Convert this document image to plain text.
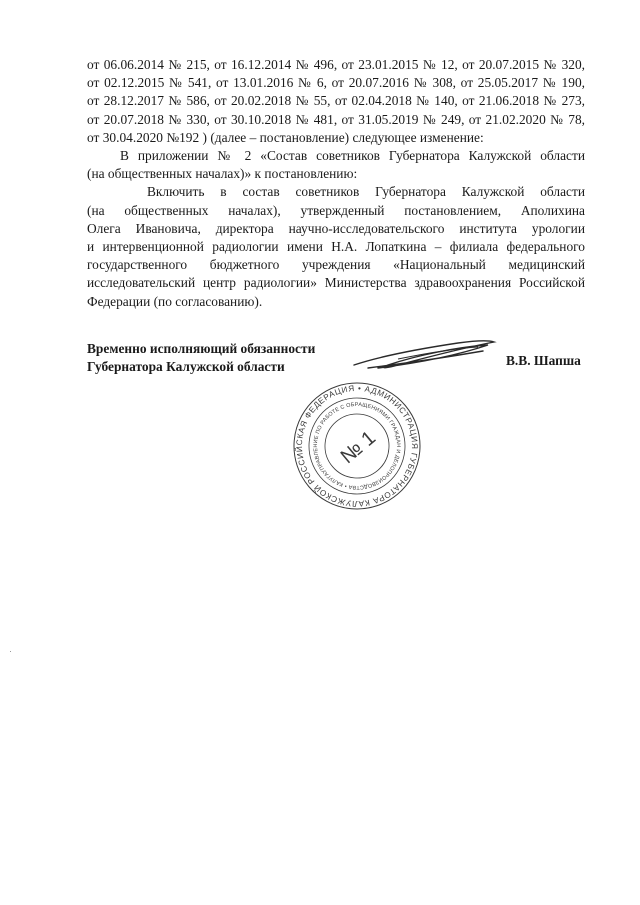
от 06.06.2014 № 215, от 16.12.2014 № 496, от 23.01.2015 № 12, от 20.07.2015 № 320,
от 02.12.2015 № 541, от 13.01.2016 № 6, от 20.07.2016 № 308, от 25.05.2017 № 190,
от 28.12.2017 № 586, от 20.02.2018 № 55, от 02.04.2018 № 140, от 21.06.2018 № 273,
от 20.07.2018 № 330, от 30.10.2018 № 481, от 31.05.2019 № 249, от 21.02.2020 № 78,
от 30.04.2020 №192 ) (далее – постановление) следующее изменение:
В приложении № 2 «Состав советников Губернатора Калужской области
(на общественных началах)» к постановлению:
Включить в состав советников Губернатора Калужской области
(на общественных началах), утвержденный постановлением, Аполихина
Олега Ивановича, директора научно-исследовательского института урологии
и интервенционной радиологии имени Н.А. Лопаткина – филиала федерального
государственного бюджетного учреждения «Национальный медицинский
исследовательский центр радиологии» Министерства здравоохранения Российской
Федерации (по согласованию).
Временно исполняющий обязанности
Губернатора Калужской области	В.В. Шапша
РОССИЙСКАЯ ФЕДЕРАЦИЯ • АДМИНИСТРАЦИЯ ГУБЕРНАТОРА КАЛУЖСКОЙ
УПРАВЛЕНИЕ ПО РАБОТЕ С ОБРАЩЕНИЯМИ ГРАЖДАН И ДЕЛОПРОИЗВОДСТВА • КАЛУГА
№ 1
